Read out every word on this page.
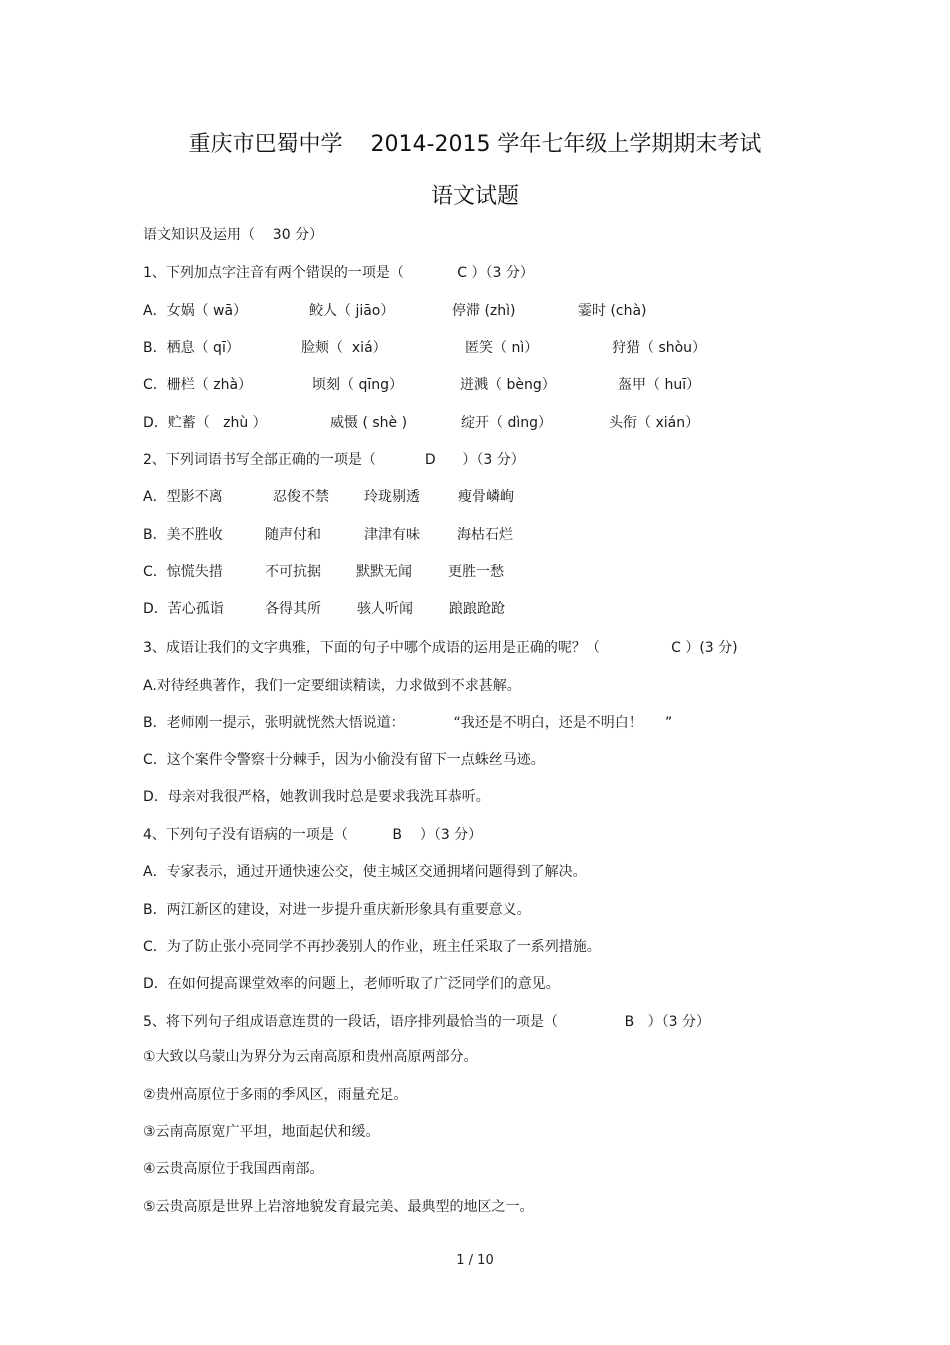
重庆市巴蜀中学    2014-2015 学年七年级上学期期末考试
语文试题
语文知识及运用（    30 分）
1、下列加点字注音有两个错误的一项是（            C ）（3 分）
A．女娲（ wā）	鲛人（ jiāo）	停滞 (zhì)	霎时 (chà)
B．栖息（ qī）	脸颊（  xiá）	匿笑（ nì）	狩猎（ shòu）
C．栅栏（ zhà）	顷刻（ qīng）	迸溅（ bèng）	盔甲（ huī）
D．贮蓄（   zhù ）	威慑 ( shè )	绽开（ dìng）	头衔（ xián）
2、下列词语书写全部正确的一项是（           D      ）（3 分）
A．型影不离	忍俊不禁	玲珑剔透	瘦骨嶙峋
B．美不胜收	随声付和	津津有味	海枯石烂
C．惊慌失措	不可抗据	默默无闻	更胜一愁
D．苦心孤诣	各得其所	骇人听闻	踉踉跄跄
3、成语让我们的文字典雅，下面的句子中哪个成语的运用是正确的呢？（                C ）(3 分)
A.对待经典著作，我们一定要细读精读，力求做到不求甚解。
B．老师刚一提示，张明就恍然大悟说道：           “我还是不明白，还是不明白！     ”
C．这个案件令警察十分棘手，因为小偷没有留下一点蛛丝马迹。
D．母亲对我很严格，她教训我时总是要求我洗耳恭听。
4、下列句子没有语病的一项是（          B    ）（3 分）
A．专家表示，通过开通快速公交，使主城区交通拥堵问题得到了解决。
B．两江新区的建设，对进一步提升重庆新形象具有重要意义。
C．为了防止张小亮同学不再抄袭别人的作业，班主任采取了一系列措施。
D．在如何提高课堂效率的问题上，老师听取了广泛同学们的意见。
5、将下列句子组成语意连贯的一段话，语序排列最恰当的一项是（               B   ）（3 分）
①大致以乌蒙山为界分为云南高原和贵州高原两部分。
②贵州高原位于多雨的季风区，雨量充足。
③云南高原宽广平坦，地面起伏和缓。
④云贵高原位于我国西南部。
⑤云贵高原是世界上岩溶地貌发育最完美、最典型的地区之一。
1 / 10
